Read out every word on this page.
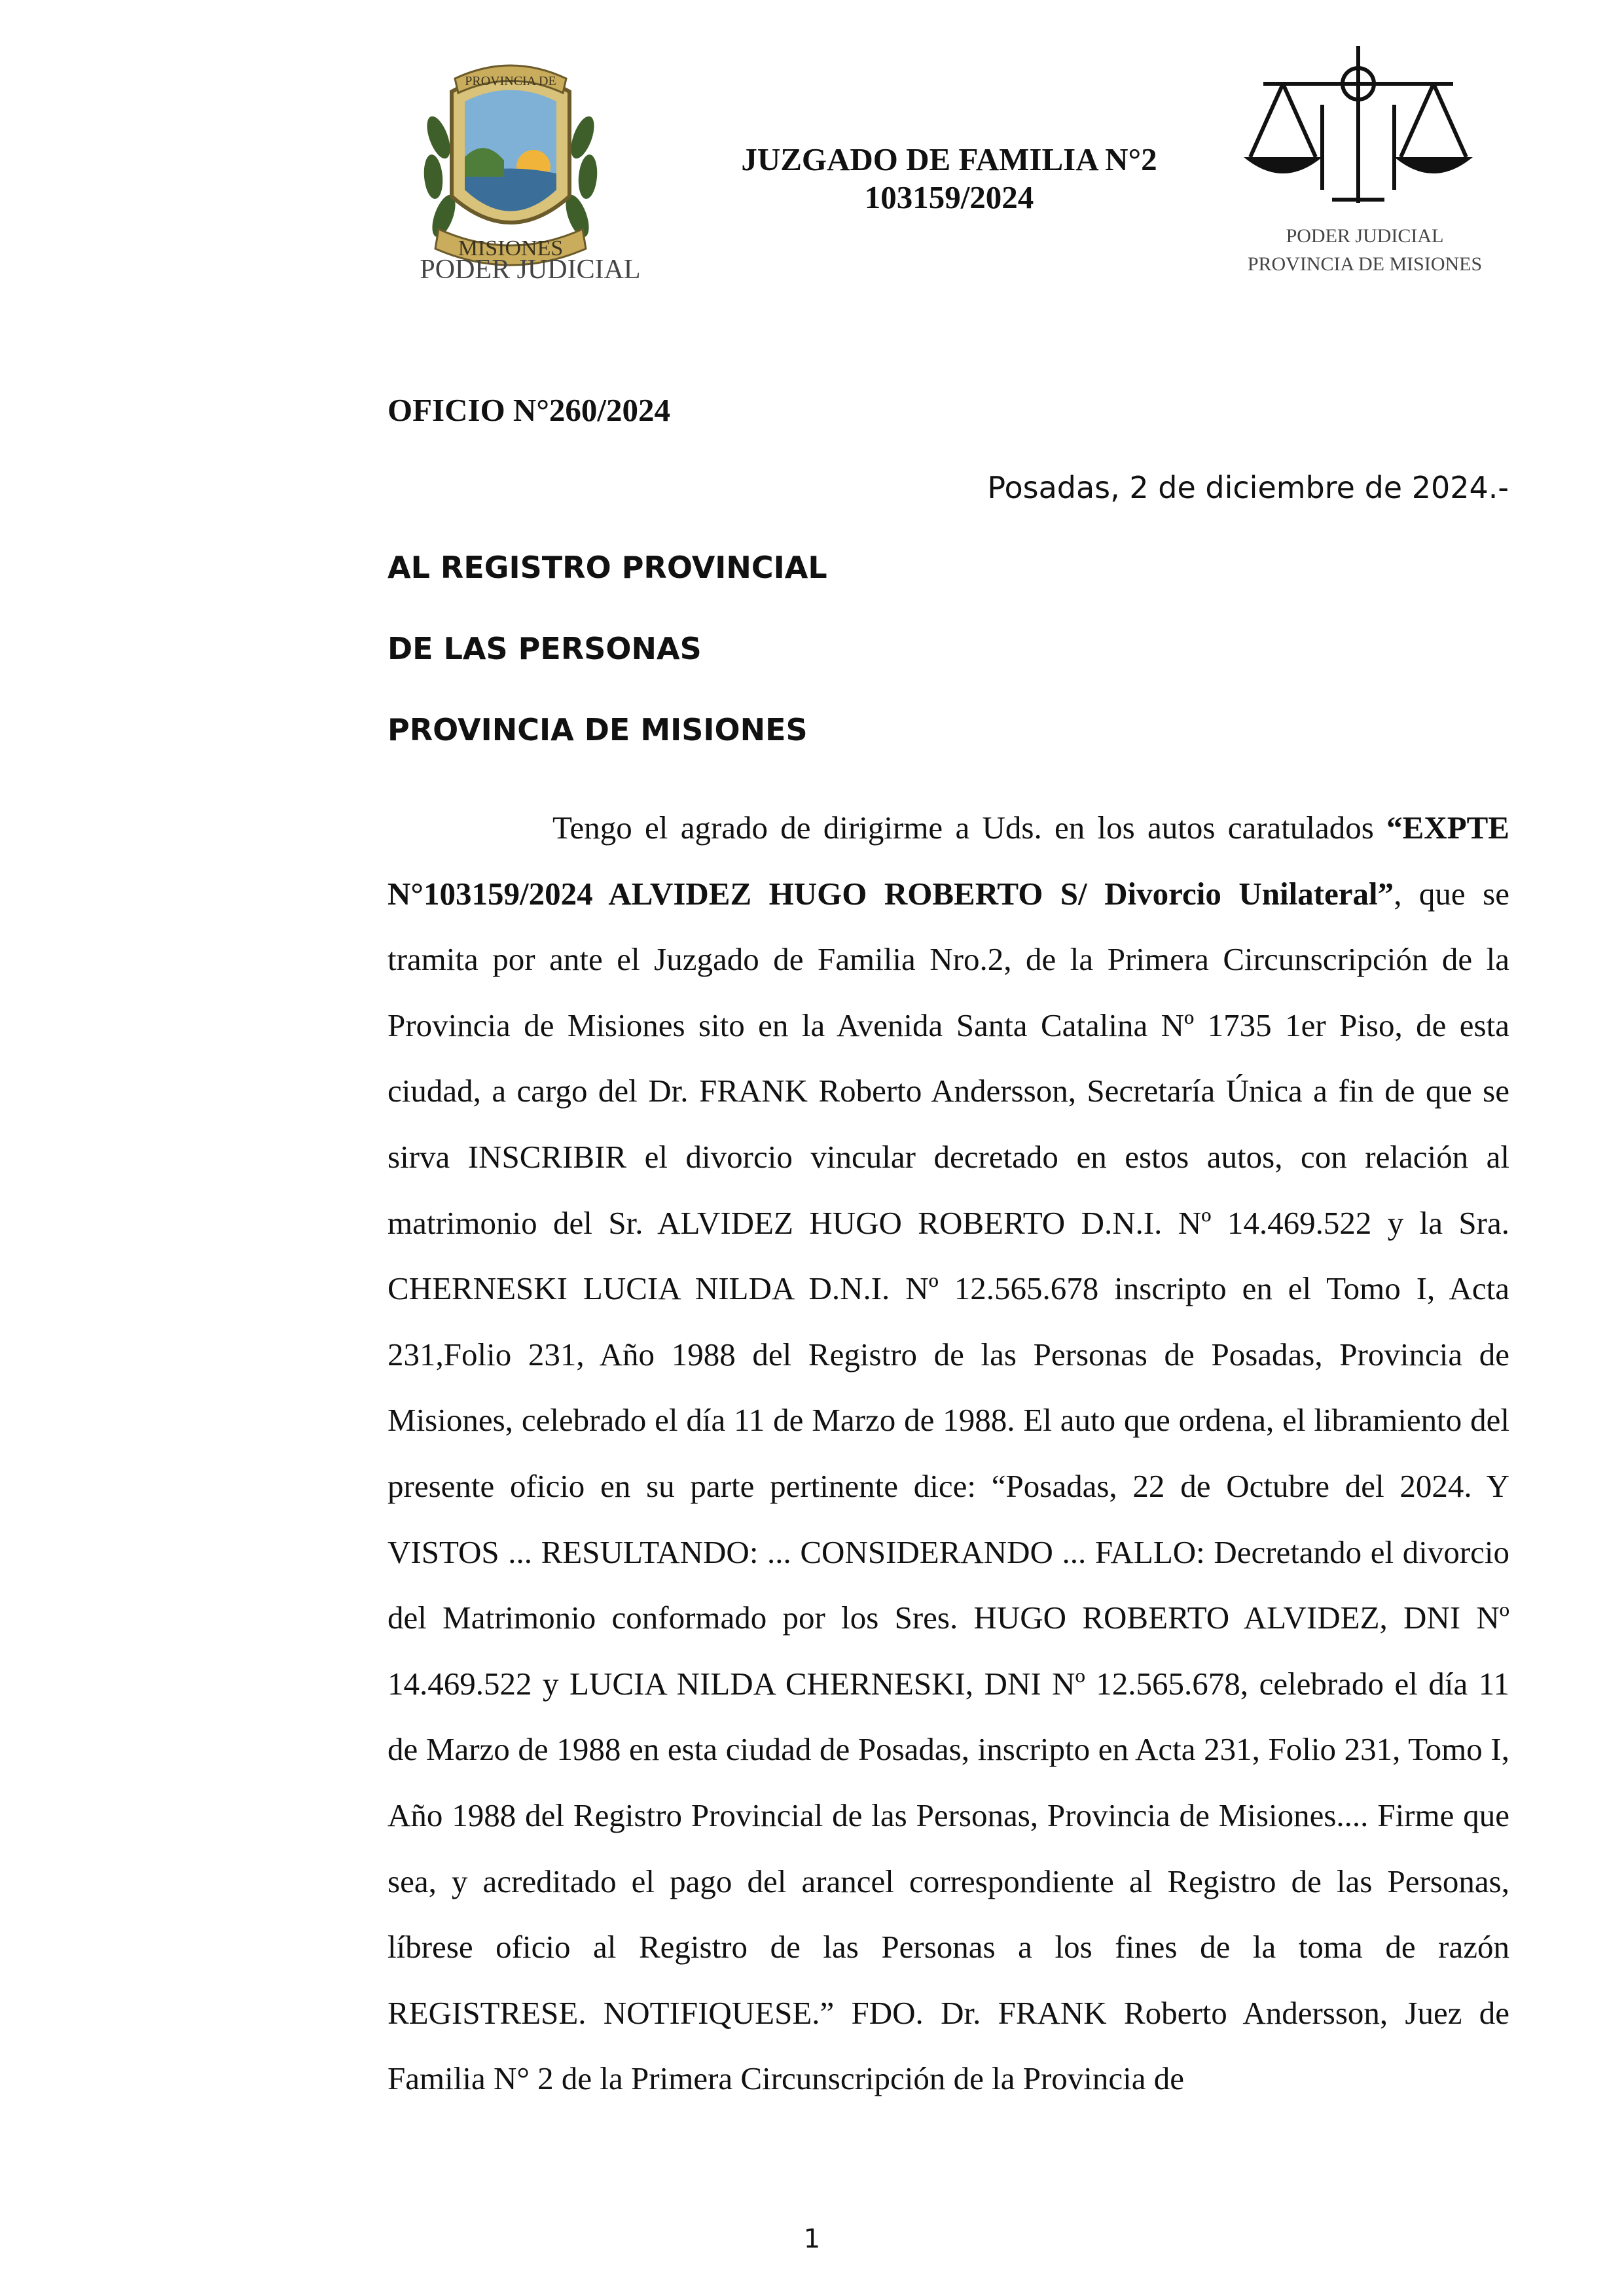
PROVINCIA DE
MISIONES
PODER JUDICIAL
JUZGADO DE FAMILIA N°2
103159/2024
PODER JUDICIAL
PROVINCIA DE MISIONES
OFICIO N°260/2024
Posadas, 2 de diciembre de 2024.-
AL REGISTRO PROVINCIAL
DE LAS PERSONAS
PROVINCIA DE MISIONES
Tengo el agrado de dirigirme a Uds. en los autos caratulados “EXPTE N°103159/2024 ALVIDEZ HUGO ROBERTO S/ Divorcio Unilateral”, que se tramita por ante el Juzgado de Familia Nro.2, de la Primera Circunscripción de la Provincia de Misiones sito en la Avenida Santa Catalina Nº 1735 1er Piso, de esta ciudad, a cargo del Dr. FRANK Roberto Andersson, Secretaría Única a fin de que se sirva INSCRIBIR el divorcio vincular decretado en estos autos, con relación al matrimonio del Sr. ALVIDEZ HUGO ROBERTO D.N.I. Nº 14.469.522 y la Sra. CHERNESKI LUCIA NILDA D.N.I. Nº 12.565.678 inscripto en el Tomo I, Acta 231,Folio 231, Año 1988 del Registro de las Personas de Posadas, Provincia de Misiones, celebrado el día 11 de Marzo de 1988. El auto que ordena, el libramiento del presente oficio en su parte pertinente dice: “Posadas, 22 de Octubre del 2024. Y VISTOS ... RESULTANDO: ... CONSIDERANDO ... FALLO: Decretando el divorcio del Matrimonio conformado por los Sres. HUGO ROBERTO ALVIDEZ, DNI Nº 14.469.522 y LUCIA NILDA CHERNESKI, DNI Nº 12.565.678, celebrado el día 11 de Marzo de 1988 en esta ciudad de Posadas, inscripto en Acta 231, Folio 231, Tomo I, Año 1988 del Registro Provincial de las Personas, Provincia de Misiones.... Firme que sea, y acreditado el pago del arancel correspondiente al Registro de las Personas, líbrese oficio al Registro de las Personas a los fines de la toma de razón REGISTRESE. NOTIFIQUESE.” FDO. Dr. FRANK Roberto Andersson, Juez de Familia N° 2 de la Primera Circunscripción de la Provincia de
1
